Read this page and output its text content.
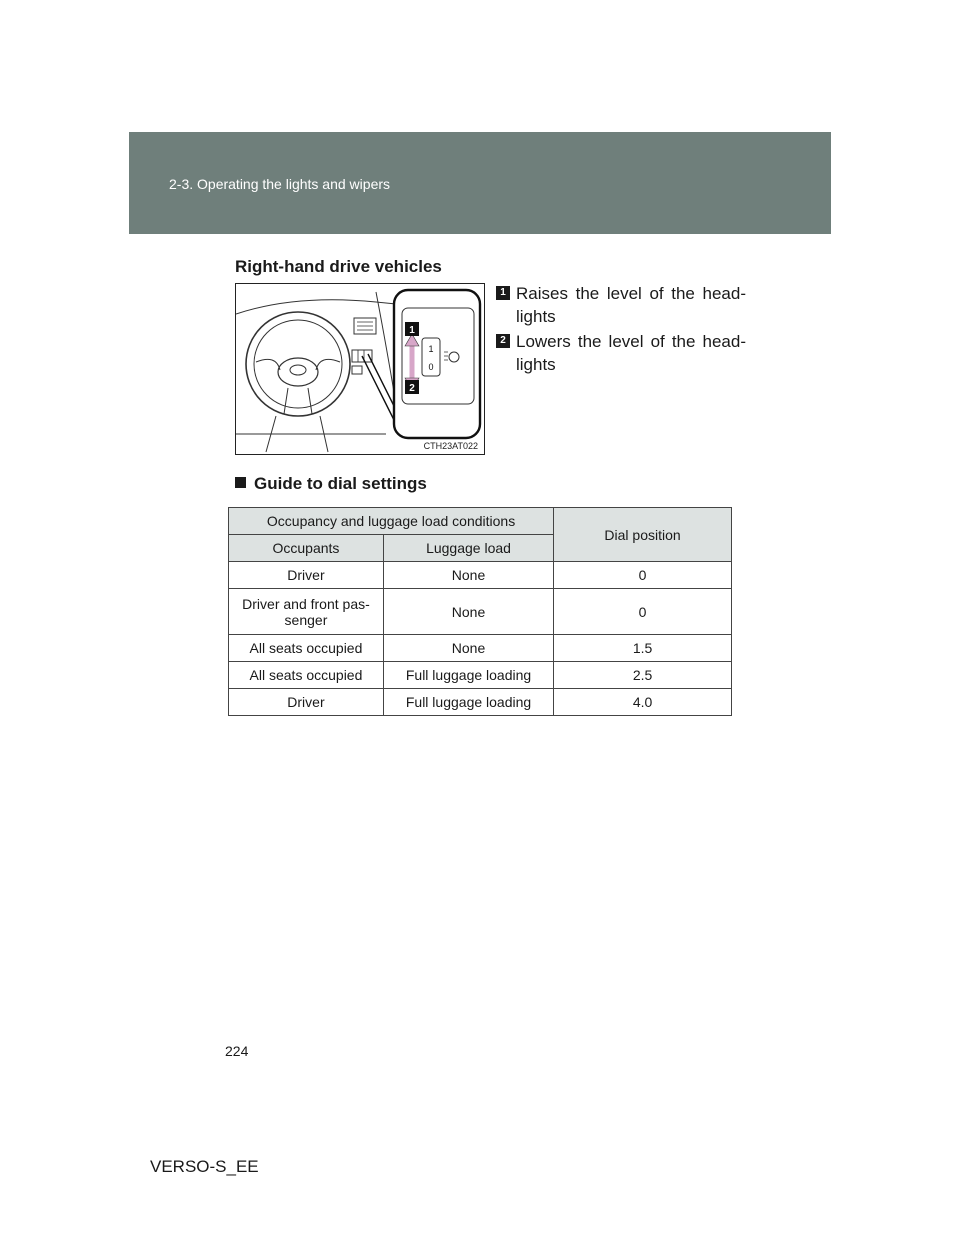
2-3. Operating the lights and wipers
Right-hand drive vehicles
1
0
1
2
CTH23AT022
1 Raises the level of the head-lights
2 Lowers the level of the head-lights
Guide to dial settings
Occupancy and luggage load conditions		Dial position
Occupants	Luggage load	
Driver	None	0
Driver and front pas-senger	None	0
All seats occupied	None	1.5
All seats occupied	Full luggage loading	2.5
Driver	Full luggage loading	4.0
224
VERSO-S_EE
